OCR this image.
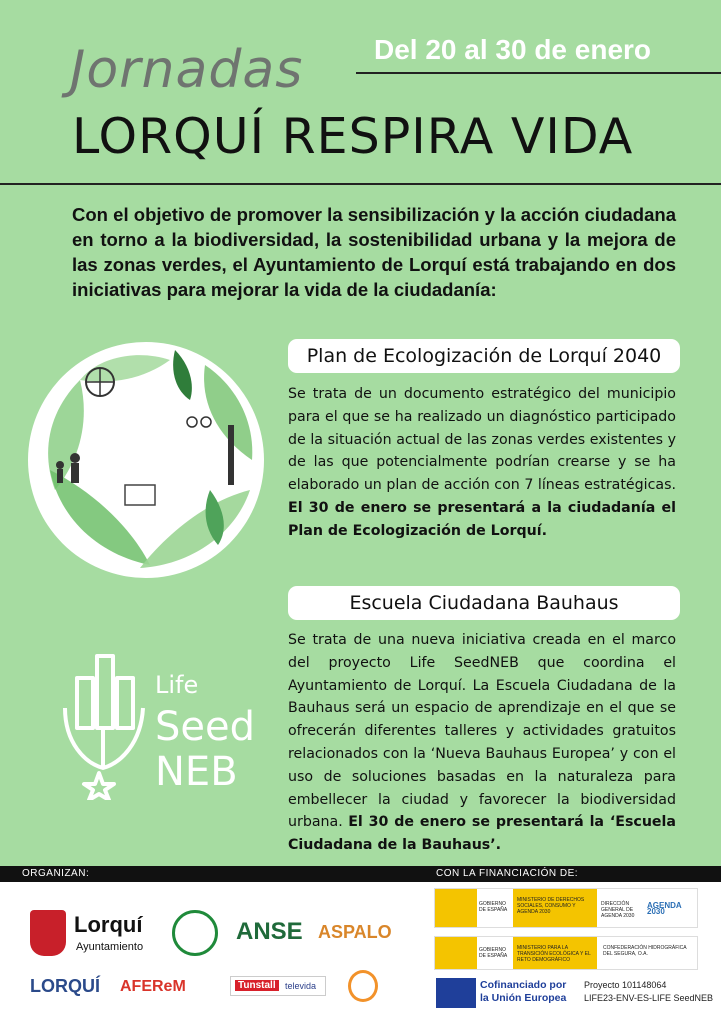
Jornadas	Del 20 al 30 de enero
LORQUÍ RESPIRA VIDA
Con el objetivo de promover la sensibilización y la acción ciudadana en torno a la biodiversidad, la sostenibilidad urbana y la mejora de las zonas verdes, el Ayuntamiento de Lorquí está trabajando en dos iniciativas para mejorar la vida de la ciudadanía:
Plan de Ecologización de Lorquí 2040
Se trata de un documento estratégico del municipio para el que se ha realizado un diagnóstico participado de la situación actual de las zonas verdes existentes y de las que potencialmente podrían crearse y se ha elaborado un plan de acción con 7 líneas estratégicas. El 30 de enero se presentará a la ciudadanía el Plan de Ecologización de Lorquí.
Life
Seed
NEB
Escuela Ciudadana Bauhaus
Se trata de una nueva iniciativa creada en el marco del proyecto Life SeedNEB que coordina el Ayuntamiento de Lorquí. La Escuela Ciudadana de la Bauhaus será un espacio de aprendizaje en el que se ofrecerán diferentes talleres y actividades gratuitos relacionados con la ‘Nueva Bauhaus Europea’ y con el uso de soluciones basadas en la naturaleza para embellecer la ciudad y favorecer la biodiversidad urbana. El 30 de enero se presentará la ‘Escuela Ciudadana de la Bauhaus’.
ORGANIZAN:	CON LA FINANCIACIÓN DE:
Lorquí
Ayuntamiento
ANSE ASPALO
LORQUÍ AFERеM	Tunstall	televida
GOBIERNO DE ESPAÑA
MINISTERIO DE DERECHOS SOCIALES, CONSUMO Y AGENDA 2030
DIRECCIÓN GENERAL DE AGENDA 2030
AGENDA 2030
GOBIERNO DE ESPAÑA
MINISTERIO PARA LA TRANSICIÓN ECOLÓGICA Y EL RETO DEMOGRÁFICO
CONFEDERACIÓN HIDROGRÁFICA DEL SEGURA, O.A.
Cofinanciado por la Unión Europea
Proyecto 101148064
LIFE23-ENV-ES-LIFE SeedNEB
